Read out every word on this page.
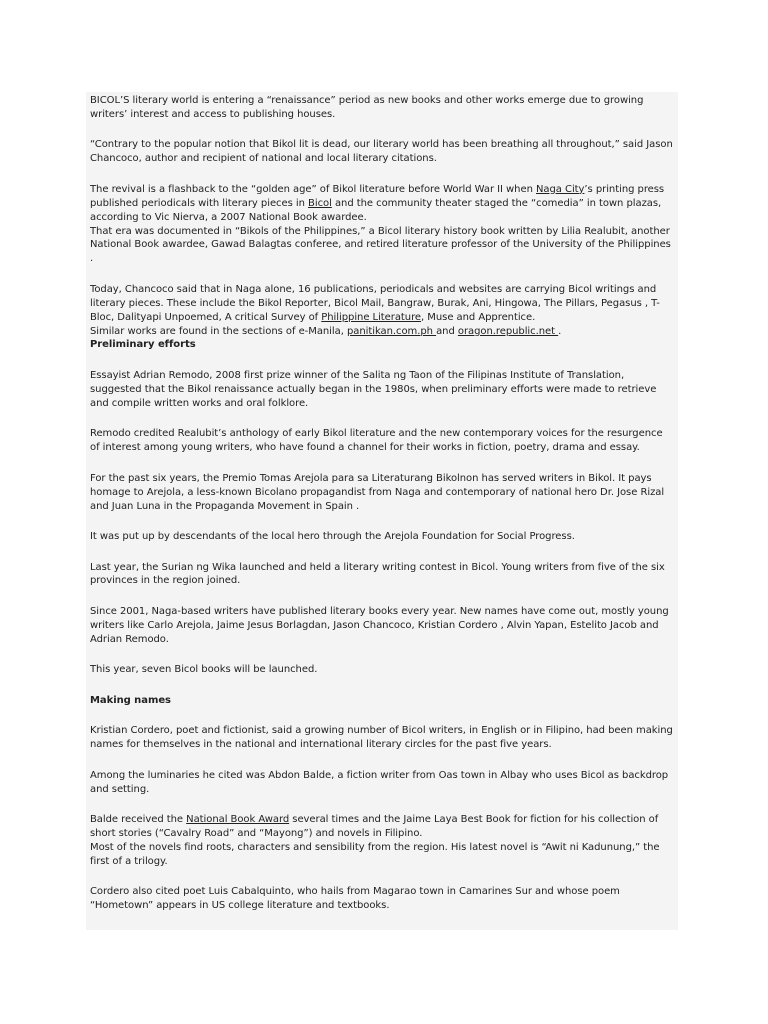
BICOL’S literary world is entering a “renaissance” period as new books and other works emerge due to growing writers’ interest and access to publishing houses.

“Contrary to the popular notion that Bikol lit is dead, our literary world has been breathing all throughout,” said Jason Chancoco, author and recipient of national and local literary citations.

The revival is a flashback to the “golden age” of Bikol literature before World War II when Naga City’s printing press published periodicals with literary pieces in Bicol and the community theater staged the “comedia” in town plazas, according to Vic Nierva, a 2007 National Book awardee.

That era was documented in “Bikols of the Philippines,” a Bicol literary history book written by Lilia Realubit, another National Book awardee, Gawad Balagtas conferee, and retired literature professor of the University of the Philippines .

Today, Chancoco said that in Naga alone, 16 publications, periodicals and websites are carrying Bicol writings and literary pieces. These include the Bikol Reporter, Bicol Mail, Bangraw, Burak, Ani, Hingowa, The Pillars, Pegasus , T-Bloc, Dalityapi Unpoemed, A critical Survey of Philippine Literature, Muse and Apprentice.

Similar works are found in the sections of e-Manila, panitikan.com.ph and oragon.republic.net .

Preliminary efforts

Essayist Adrian Remodo, 2008 first prize winner of the Salita ng Taon of the Filipinas Institute of Translation, suggested that the Bikol renaissance actually began in the 1980s, when preliminary efforts were made to retrieve and compile written works and oral folklore.

Remodo credited Realubit’s anthology of early Bikol literature and the new contemporary voices for the resurgence of interest among young writers, who have found a channel for their works in fiction, poetry, drama and essay.

For the past six years, the Premio Tomas Arejola para sa Literaturang Bikolnon has served writers in Bikol. It pays homage to Arejola, a less-known Bicolano propagandist from Naga and contemporary of national hero Dr. Jose Rizal and Juan Luna in the Propaganda Movement in Spain .

It was put up by descendants of the local hero through the Arejola Foundation for Social Progress.

Last year, the Surian ng Wika launched and held a literary writing contest in Bicol. Young writers from five of the six provinces in the region joined.

Since 2001, Naga-based writers have published literary books every year. New names have come out, mostly young writers like Carlo Arejola, Jaime Jesus Borlagdan, Jason Chancoco, Kristian Cordero , Alvin Yapan, Estelito Jacob and Adrian Remodo.

This year, seven Bicol books will be launched.

Making names

Kristian Cordero, poet and fictionist, said a growing number of Bicol writers, in English or in Filipino, had been making names for themselves in the national and international literary circles for the past five years.

Among the luminaries he cited was Abdon Balde, a fiction writer from Oas town in Albay who uses Bicol as backdrop and setting.

Balde received the National Book Award several times and the Jaime Laya Best Book for fiction for his collection of short stories (“Cavalry Road” and “Mayong”) and novels in Filipino.

Most of the novels find roots, characters and sensibility from the region. His latest novel is “Awit ni Kadunung,” the first of a trilogy.

Cordero also cited poet Luis Cabalquinto, who hails from Magarao town in Camarines Sur and whose poem “Hometown” appears in US college literature and textbooks.
